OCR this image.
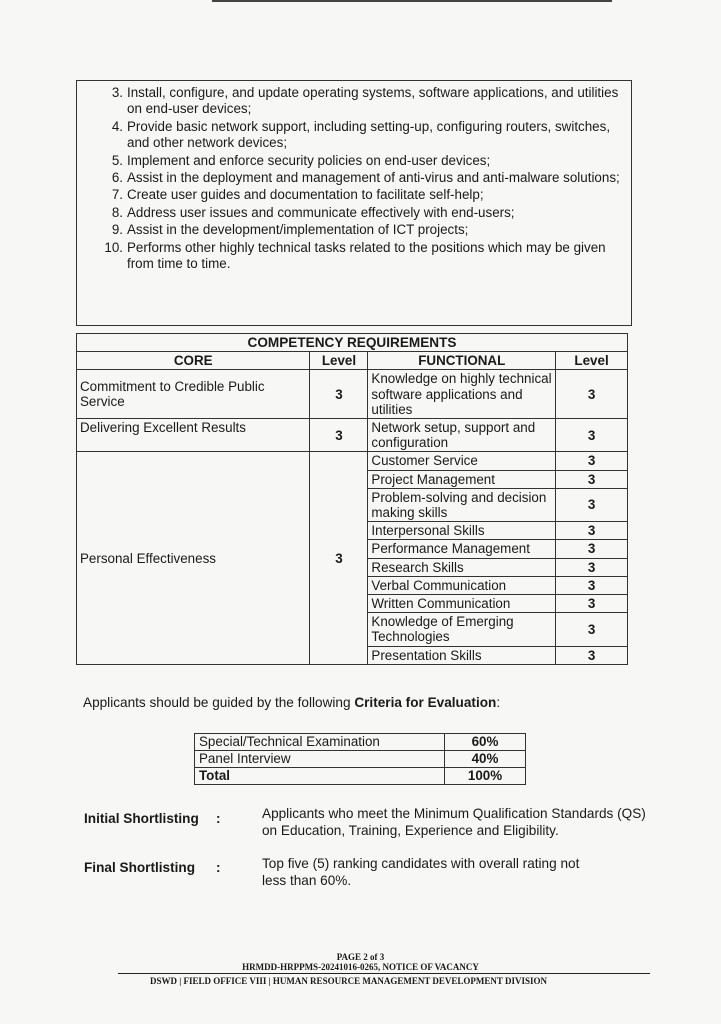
3. Install, configure, and update operating systems, software applications, and utilities on end-user devices;
4. Provide basic network support, including setting-up, configuring routers, switches, and other network devices;
5. Implement and enforce security policies on end-user devices;
6. Assist in the deployment and management of anti-virus and anti-malware solutions;
7. Create user guides and documentation to facilitate self-help;
8. Address user issues and communicate effectively with end-users;
9. Assist in the development/implementation of ICT projects;
10. Performs other highly technical tasks related to the positions which may be given from time to time.
COMPETENCY REQUIREMENTS			
CORE	Level	FUNCTIONAL	Level
Commitment to Credible Public Service	3	Knowledge on highly technical software applications and utilities	3
Delivering Excellent Results	3	Network setup, support and configuration	3
Personal Effectiveness	3	Customer Service	3
		Project Management	3
		Problem-solving and decision making skills	3
		Interpersonal Skills	3
		Performance Management	3
		Research Skills	3
		Verbal Communication	3
		Written Communication	3
		Knowledge of Emerging Technologies	3
		Presentation Skills	3
Applicants should be guided by the following Criteria for Evaluation:
Special/Technical Examination	60%
Panel Interview	40%
Total	100%
Initial Shortlisting :	Applicants who meet the Minimum Qualification Standards (QS) on Education, Training, Experience and Eligibility.
Final Shortlisting :	Top five (5) ranking candidates with overall rating not less than 60%.
PAGE 2 of 3
HRMDD-HRPPMS-20241016-0265, NOTICE OF VACANCY
DSWD | FIELD OFFICE VIII | HUMAN RESOURCE MANAGEMENT DEVELOPMENT DIVISION
